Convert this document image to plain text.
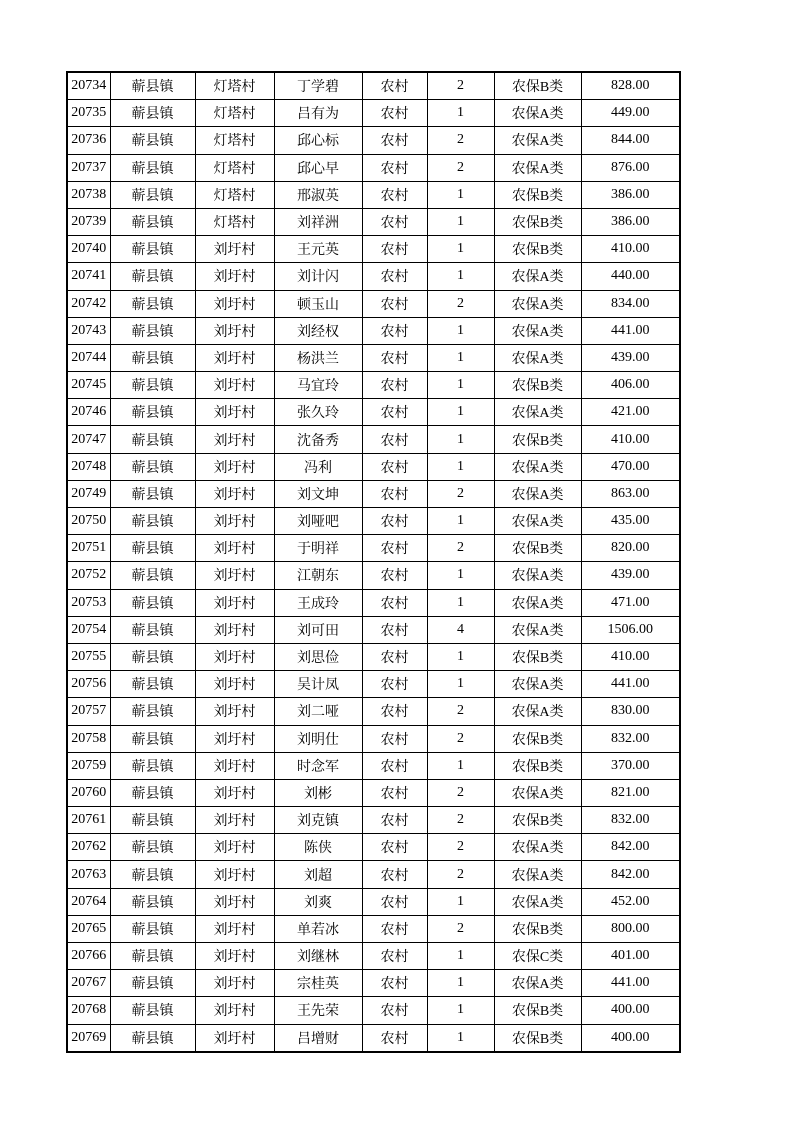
20734	蕲县镇	灯塔村	丁学碧	农村	2	农保B类	828.00
20735	蕲县镇	灯塔村	吕有为	农村	1	农保A类	449.00
20736	蕲县镇	灯塔村	邱心标	农村	2	农保A类	844.00
20737	蕲县镇	灯塔村	邱心早	农村	2	农保A类	876.00
20738	蕲县镇	灯塔村	邢淑英	农村	1	农保B类	386.00
20739	蕲县镇	灯塔村	刘祥洲	农村	1	农保B类	386.00
20740	蕲县镇	刘圩村	王元英	农村	1	农保B类	410.00
20741	蕲县镇	刘圩村	刘计闪	农村	1	农保A类	440.00
20742	蕲县镇	刘圩村	顿玉山	农村	2	农保A类	834.00
20743	蕲县镇	刘圩村	刘经权	农村	1	农保A类	441.00
20744	蕲县镇	刘圩村	杨洪兰	农村	1	农保A类	439.00
20745	蕲县镇	刘圩村	马宜玲	农村	1	农保B类	406.00
20746	蕲县镇	刘圩村	张久玲	农村	1	农保A类	421.00
20747	蕲县镇	刘圩村	沈备秀	农村	1	农保B类	410.00
20748	蕲县镇	刘圩村	冯利	农村	1	农保A类	470.00
20749	蕲县镇	刘圩村	刘文坤	农村	2	农保A类	863.00
20750	蕲县镇	刘圩村	刘哑吧	农村	1	农保A类	435.00
20751	蕲县镇	刘圩村	于明祥	农村	2	农保B类	820.00
20752	蕲县镇	刘圩村	江朝东	农村	1	农保A类	439.00
20753	蕲县镇	刘圩村	王成玲	农村	1	农保A类	471.00
20754	蕲县镇	刘圩村	刘可田	农村	4	农保A类	1506.00
20755	蕲县镇	刘圩村	刘思俭	农村	1	农保B类	410.00
20756	蕲县镇	刘圩村	吴计凤	农村	1	农保A类	441.00
20757	蕲县镇	刘圩村	刘二哑	农村	2	农保A类	830.00
20758	蕲县镇	刘圩村	刘明仕	农村	2	农保B类	832.00
20759	蕲县镇	刘圩村	时念军	农村	1	农保B类	370.00
20760	蕲县镇	刘圩村	刘彬	农村	2	农保A类	821.00
20761	蕲县镇	刘圩村	刘克镇	农村	2	农保B类	832.00
20762	蕲县镇	刘圩村	陈侠	农村	2	农保A类	842.00
20763	蕲县镇	刘圩村	刘超	农村	2	农保A类	842.00
20764	蕲县镇	刘圩村	刘爽	农村	1	农保A类	452.00
20765	蕲县镇	刘圩村	单若冰	农村	2	农保B类	800.00
20766	蕲县镇	刘圩村	刘继林	农村	1	农保C类	401.00
20767	蕲县镇	刘圩村	宗桂英	农村	1	农保A类	441.00
20768	蕲县镇	刘圩村	王先荣	农村	1	农保B类	400.00
20769	蕲县镇	刘圩村	吕增财	农村	1	农保B类	400.00
